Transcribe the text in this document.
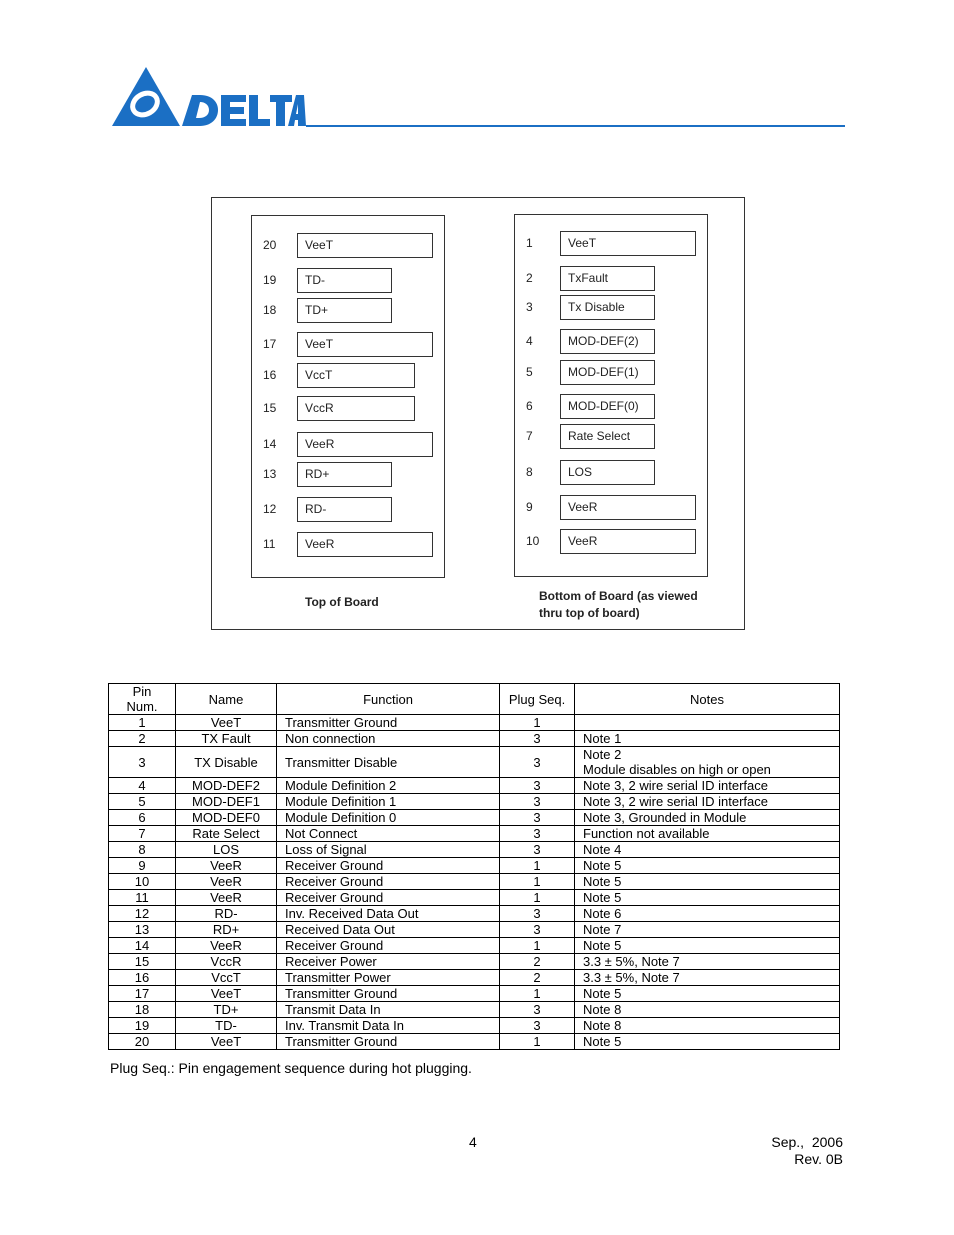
20	VeeT
19	TD-
18	TD+
17	VeeT
16	VccT
15	VccR
14	VeeR
13	RD+
12	RD-
11	VeeR
1	VeeT
2	TxFault
3	Tx Disable
4	MOD-DEF(2)
5	MOD-DEF(1)
6	MOD-DEF(0)
7	Rate Select
8	LOS
9	VeeR
10	VeeR
Top of Board	Bottom of Board (as viewed
thru top of board)
Pin Num.	Name	Function	Plug Seq.	Notes
1	VeeT	Transmitter Ground	1	

2	TX Fault	Non connection	3	Note 1

3	TX Disable	Transmitter Disable	3	Note 2
Module disables on high or open

4	MOD-DEF2	Module Definition 2	3	Note 3, 2 wire serial ID interface

5	MOD-DEF1	Module Definition 1	3	Note 3, 2 wire serial ID interface

6	MOD-DEF0	Module Definition 0	3	Note 3, Grounded in Module

7	Rate Select	Not Connect	3	Function not available

8	LOS	Loss of Signal	3	Note 4

9	VeeR	Receiver Ground	1	Note 5

10	VeeR	Receiver Ground	1	Note 5

11	VeeR	Receiver Ground	1	Note 5

12	RD-	Inv. Received Data Out	3	Note 6

13	RD+	Received Data Out	3	Note 7

14	VeeR	Receiver Ground	1	Note 5

15	VccR	Receiver Power	2	3.3 ± 5%, Note 7

16	VccT	Transmitter Power	2	3.3 ± 5%, Note 7

17	VeeT	Transmitter Ground	1	Note 5

18	TD+	Transmit Data In	3	Note 8

19	TD-	Inv. Transmit Data In	3	Note 8

20	VeeT	Transmitter Ground	1	Note 5
Plug Seq.: Pin engagement sequence during hot plugging.
4	Sep.,  2006
Rev. 0B
